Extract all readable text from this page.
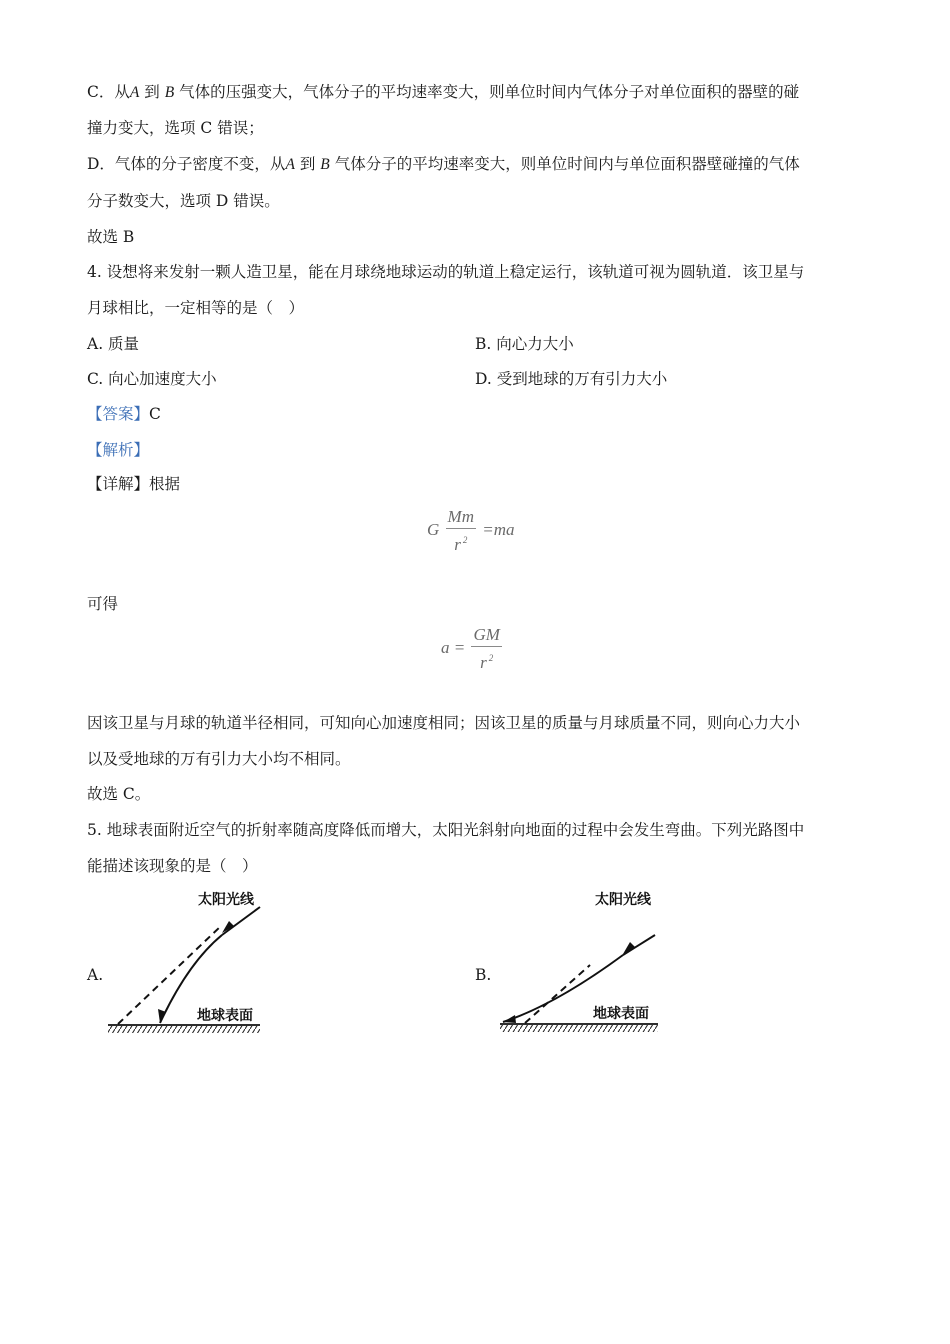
C．从A 到 B 气体的压强变大，气体分子的平均速率变大，则单位时间内气体分子对单位面积的器壁的碰
撞力变大，选项 C 错误；
D．气体的分子密度不变，从A 到 B 气体分子的平均速率变大，则单位时间内与单位面积器壁碰撞的气体
分子数变大，选项 D 错误。
故选 B
4. 设想将来发射一颗人造卫星，能在月球绕地球运动的轨道上稳定运行，该轨道可视为圆轨道．该卫星与
月球相比，一定相等的是（　）
A. 质量	B. 向心力大小
C. 向心加速度大小	D. 受到地球的万有引力大小
【答案】C
【解析】
【详解】根据
G $\frac{Mm}{r ^2} =ma$
可得
$a = \frac{GM}{r ^2}$
因该卫星与月球的轨道半径相同，可知向心加速度相同；因该卫星的质量与月球质量不同，则向心力大小
以及受地球的万有引力大小均不相同。
故选 C。
5. 地球表面附近空气的折射率随高度降低而增大，太阳光斜射向地面的过程中会发生弯曲。下列光路图中
能描述该现象的是（　）
A.	B.
太阳光线
地球表面
太阳光线
地球表面
